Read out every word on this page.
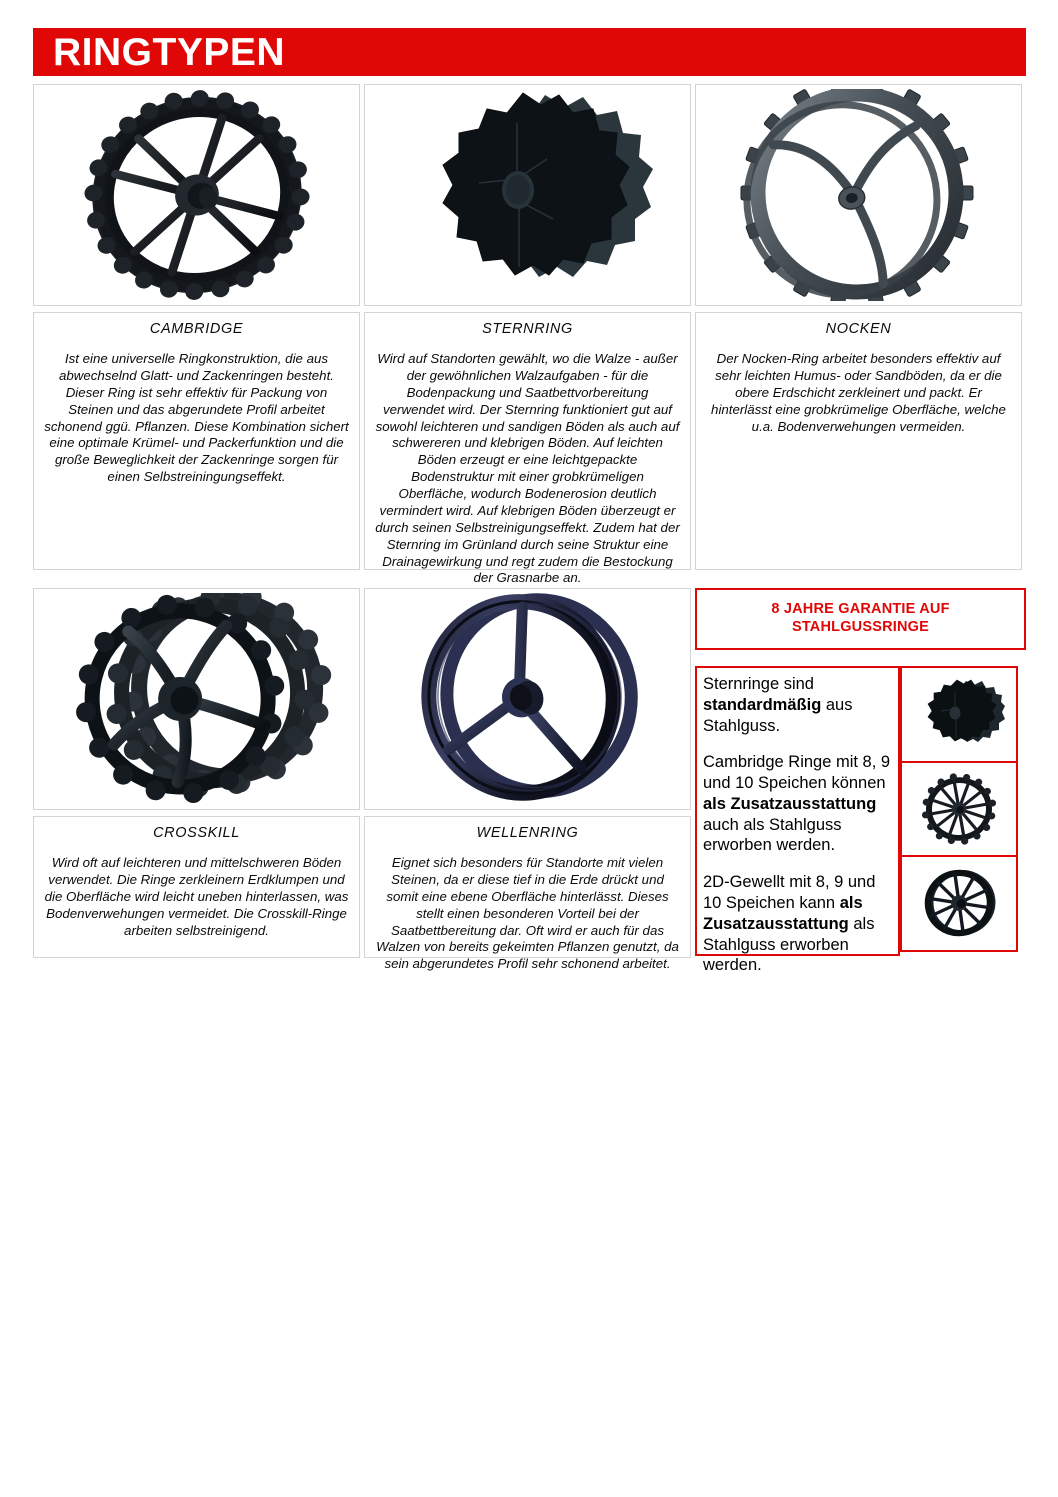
RINGTYPEN
CAMBRIDGE
Ist eine universelle Ringkonstruktion, die aus abwechselnd Glatt- und Zackenringen besteht. Dieser Ring ist sehr effektiv für Packung von Steinen und das abgerundete Profil arbeitet schonend ggü. Pflanzen. Diese Kombination sichert eine optimale Krümel- und Packerfunktion und die große Beweglichkeit der Zackenringe sorgen für einen Selbstreiningungseffekt.
STERNRING
Wird auf Standorten gewählt, wo die Walze - außer der gewöhnlichen Walzaufgaben - für die Bodenpackung und Saatbettvorbereitung verwendet wird. Der Sternring funktioniert gut auf sowohl leichteren und sandigen Böden als auch auf schwereren und klebrigen Böden. Auf leichten Böden erzeugt er eine leichtgepackte Bodenstruktur mit einer grobkrümeligen Oberfläche, wodurch Bodenerosion deutlich vermindert wird. Auf klebrigen Böden überzeugt er durch seinen Selbstreinigungseffekt. Zudem hat der Sternring im Grünland durch seine Struktur eine Drainagewirkung und regt zudem die Bestockung der Grasnarbe an.
NOCKEN
Der Nocken-Ring arbeitet besonders effektiv auf sehr leichten Humus- oder Sandböden, da er die obere Erdschicht zerkleinert und packt. Er hinterlässt eine grobkrümelige Oberfläche, welche u.a. Bodenverwehungen vermeiden.
CROSSKILL
Wird oft auf leichteren und mittelschweren Böden verwendet. Die Ringe zerkleinern Erdklumpen und die Oberfläche wird leicht uneben hinterlassen, was Bodenverwehungen vermeidet. Die Crosskill-Ringe arbeiten selbstreinigend.
WELLENRING
Eignet sich besonders für Standorte mit vielen Steinen, da er diese tief in die Erde drückt und somit eine ebene Oberfläche hinterlässt. Dieses stellt einen besonderen Vorteil bei der Saatbettbereitung dar. Oft wird er auch für das Walzen von bereits gekeimten Pflanzen genutzt, da sein abgerundetes Profil sehr schonend arbeitet.
8 JAHRE GARANTIE AUF
STAHLGUSSRINGE

Sternringe sind standardmäßig aus Stahlguss.

Cambridge Ringe mit 8, 9 und 10 Speichen können als Zusatzausstattung auch als Stahlguss erworben werden.

2D-Gewellt mit 8, 9 und 10 Speichen kann als Zusatzausstattung als Stahlguss erworben werden.
